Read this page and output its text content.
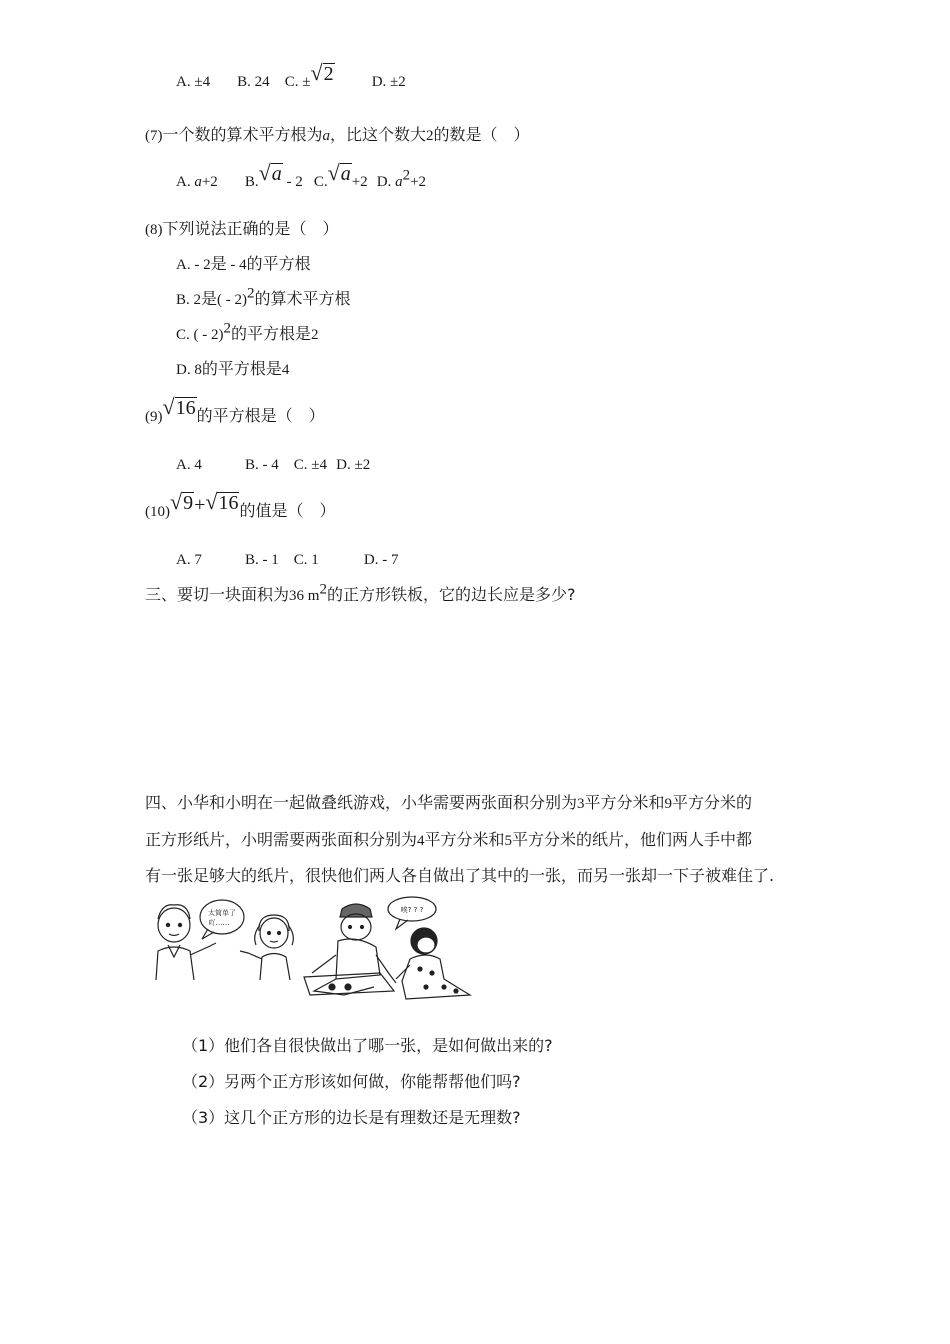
A. ±4 B. 24 C. ±√2	D. ±2
(7)一个数的算术平方根为a，比这个数大2的数是（　）
A. a+2 B.√a - 2 C.√a+2 D. $a^2+2$
(8)下列说法正确的是（　）
A. - 2是 - 4的平方根
B. 2是( - 2)$^2$的算术平方根
C. ( - 2)$^2$的平方根是2
D. 8的平方根是4
(9)√16的平方根是（　）
A. 4	B. - 4 C. ±4 D. ±2
(10)√9+√16的值是（　）
A. 7	B. - 1 C. 1	D. - 7
三、要切一块面积为36 $m^2$的正方形铁板，它的边长应是多少?
四、小华和小明在一起做叠纸游戏，小华需要两张面积分别为3平方分米和9平方分米的
正方形纸片，小明需要两张面积分别为4平方分米和5平方分米的纸片，他们两人手中都
有一张足够大的纸片，很快他们两人各自做出了其中的一张，而另一张却一下子被难住了.
太简单了
吖……
唉? ? ?
（1）他们各自很快做出了哪一张，是如何做出来的?
（2）另两个正方形该如何做，你能帮帮他们吗?
（3）这几个正方形的边长是有理数还是无理数?
